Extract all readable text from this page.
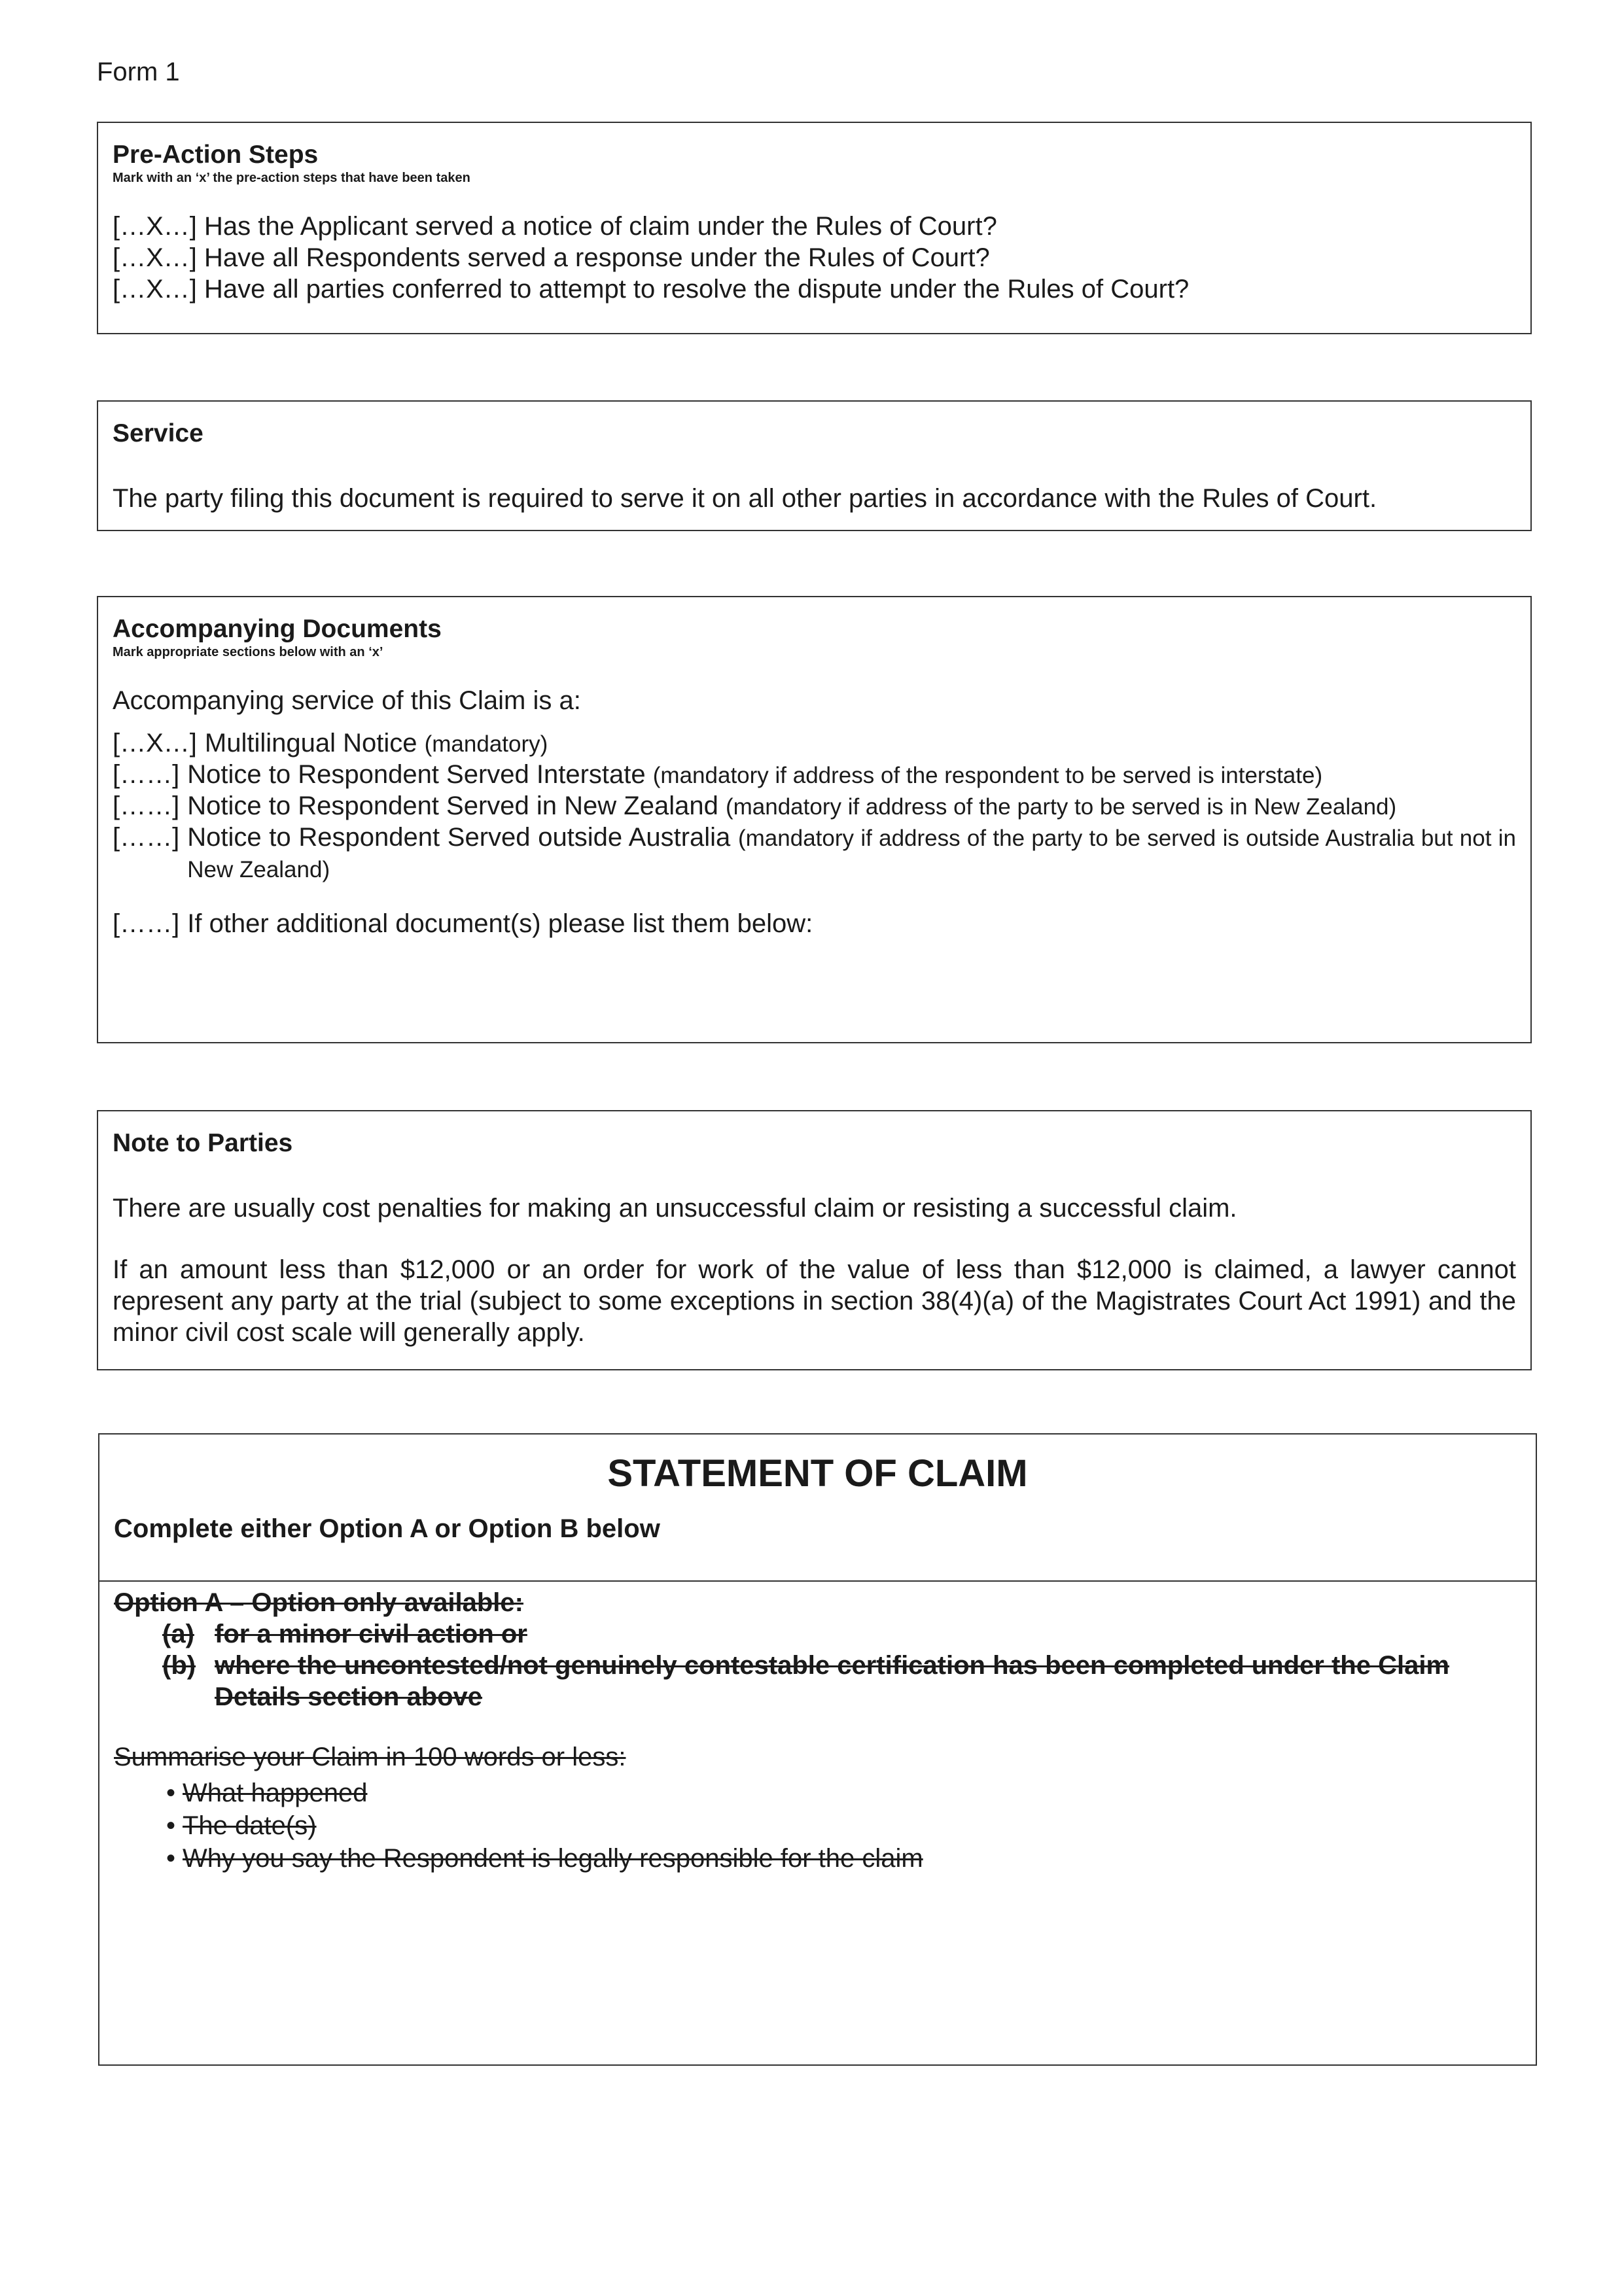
Form 1
Pre-Action Steps
Mark with an ‘x’ the pre-action steps that have been taken
[…X…] Has the Applicant served a notice of claim under the Rules of Court?
[…X…] Have all Respondents served a response under the Rules of Court?
[…X…] Have all parties conferred to attempt to resolve the dispute under the Rules of Court?
Service
The party filing this document is required to serve it on all other parties in accordance with the Rules of Court.
Accompanying Documents
Mark appropriate sections below with an ‘x’
Accompanying service of this Claim is a:
[…X…] Multilingual Notice (mandatory)
[……] Notice to Respondent Served Interstate (mandatory if address of the respondent to be served is interstate)
[……] Notice to Respondent Served in New Zealand (mandatory if address of the party to be served is in New Zealand)
[……] Notice to Respondent Served outside Australia (mandatory if address of the party to be served is outside Australia but not in New Zealand)
[……] If other additional document(s) please list them below:
Note to Parties
There are usually cost penalties for making an unsuccessful claim or resisting a successful claim.
If an amount less than $12,000 or an order for work of the value of less than $12,000 is claimed, a lawyer cannot represent any party at the trial (subject to some exceptions in section 38(4)(a) of the Magistrates Court Act 1991) and the minor civil cost scale will generally apply.
STATEMENT OF CLAIM
Complete either Option A or Option B below
Option A – Option only available:
(a) for a minor civil action or
(b) where the uncontested/not genuinely contestable certification has been completed under the Claim Details section above
Summarise your Claim in 100 words or less:
• What happened
• The date(s)
• Why you say the Respondent is legally responsible for the claim
